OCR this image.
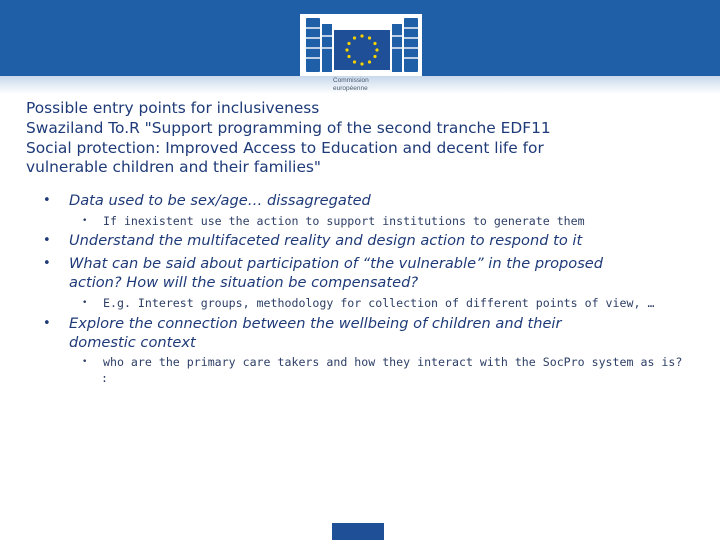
Commission
européenne
Possible entry points for inclusiveness
Swaziland To.R "Support programming of the second tranche EDF11
Social protection: Improved Access to Education and decent life for
vulnerable children and their families"
• Data used to be sex/age… dissagregated
• If inexistent use the action to support institutions to generate them
• Understand the multifaceted reality and design action to respond to it
• What can be said about participation of “the vulnerable” in the proposed
action? How will the situation be compensated?
• E.g. Interest groups, methodology for collection of different points of view, …
• Explore the connection between the wellbeing of children and their
domestic context
• who are the primary care takers and how they interact with the SocPro system as is?
:
